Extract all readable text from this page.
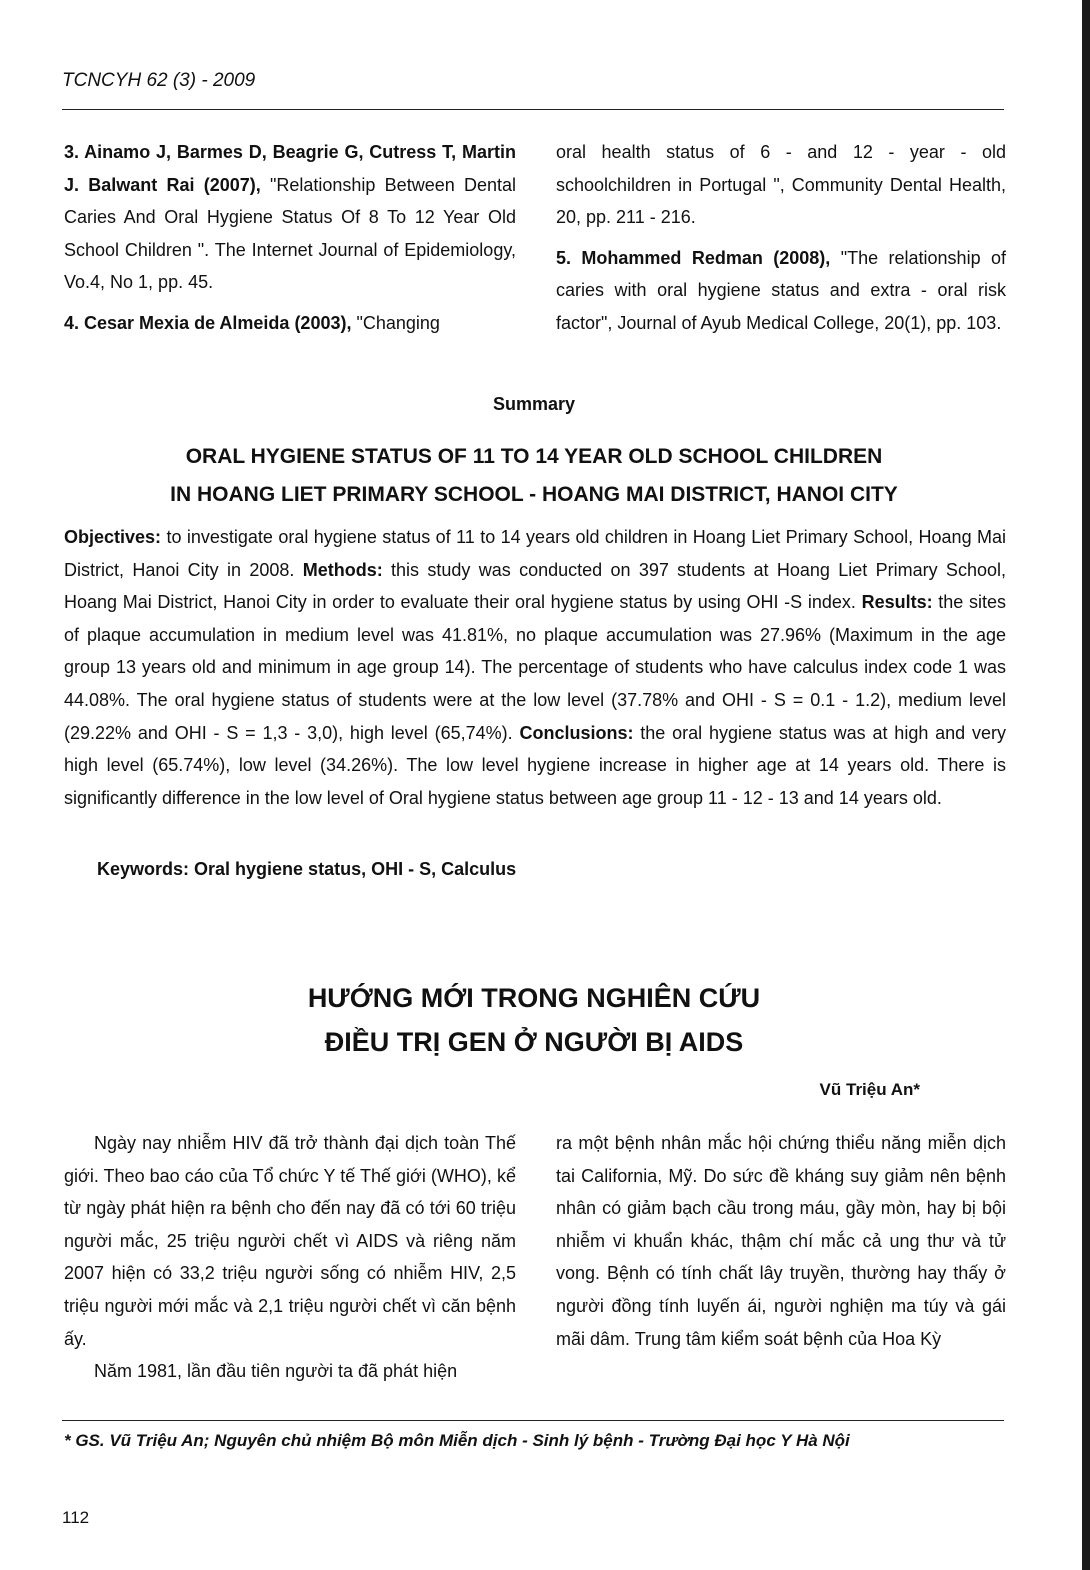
TCNCYH 62 (3) - 2009

3. Ainamo J, Barmes D, Beagrie G, Cutress T, Martin J. Balwant Rai (2007), "Relationship Between Dental Caries And Oral Hygiene Status Of 8 To 12 Year Old School Children ". The Internet Journal of Epidemiology, Vo.4, No 1, pp. 45.

4. Cesar Mexia de Almeida (2003), "Changing

oral health status of 6 - and 12 - year - old schoolchildren in Portugal ", Community Dental Health, 20, pp. 211 - 216.

5. Mohammed Redman (2008), "The relationship of caries with oral hygiene status and extra - oral risk factor", Journal of Ayub Medical College, 20(1), pp. 103.

Summary
ORAL HYGIENE STATUS OF 11 TO 14 YEAR OLD SCHOOL CHILDREN
IN HOANG LIET PRIMARY SCHOOL - HOANG MAI DISTRICT, HANOI CITY
Objectives: to investigate oral hygiene status of 11 to 14 years old children in Hoang Liet Primary School, Hoang Mai District, Hanoi City in 2008. Methods: this study was conducted on 397 students at Hoang Liet Primary School, Hoang Mai District, Hanoi City in order to evaluate their oral hygiene status by using OHI -S index. Results: the sites of plaque accumulation in medium level was 41.81%, no plaque accumulation was 27.96% (Maximum in the age group 13 years old and minimum in age group 14). The percentage of students who have calculus index code 1 was 44.08%. The oral hygiene status of students were at the low level (37.78% and OHI - S = 0.1 - 1.2), medium level (29.22% and OHI - S = 1,3 - 3,0), high level (65,74%). Conclusions: the oral hygiene status was at high and very high level (65.74%), low level (34.26%). The low level hygiene increase in higher age at 14 years old. There is significantly difference in the low level of Oral hygiene status between age group 11 - 12 - 13 and 14 years old.
Keywords: Oral hygiene status, OHI - S, Calculus
HƯỚNG MỚI TRONG NGHIÊN CỨU
ĐIỀU TRỊ GEN Ở NGƯỜI BỊ AIDS
Vũ Triệu An*

Ngày nay nhiễm HIV đã trở thành đại dịch toàn Thế giới. Theo bao cáo của Tổ chức Y tế Thế giới (WHO), kể từ ngày phát hiện ra bệnh cho đến nay đã có tới 60 triệu người mắc, 25 triệu người chết vì AIDS và riêng năm 2007 hiện có 33,2 triệu người sống có nhiễm HIV, 2,5 triệu người mới mắc và 2,1 triệu người chết vì căn bệnh ấy.

Năm 1981, lần đầu tiên người ta đã phát hiện

ra một bệnh nhân mắc hội chứng thiểu năng miễn dịch tai California, Mỹ. Do sức đề kháng suy giảm nên bệnh nhân có giảm bạch cầu trong máu, gầy mòn, hay bị bội nhiễm vi khuẩn khác, thậm chí mắc cả ung thư và tử vong. Bệnh có tính chất lây truyền, thường hay thấy ở người đồng tính luyến ái, người nghiện ma túy và gái mãi dâm. Trung tâm kiểm soát bệnh của Hoa Kỳ

* GS. Vũ Triệu An; Nguyên chủ nhiệm Bộ môn Miễn dịch - Sinh lý bệnh - Trường Đại học Y Hà Nội
112
